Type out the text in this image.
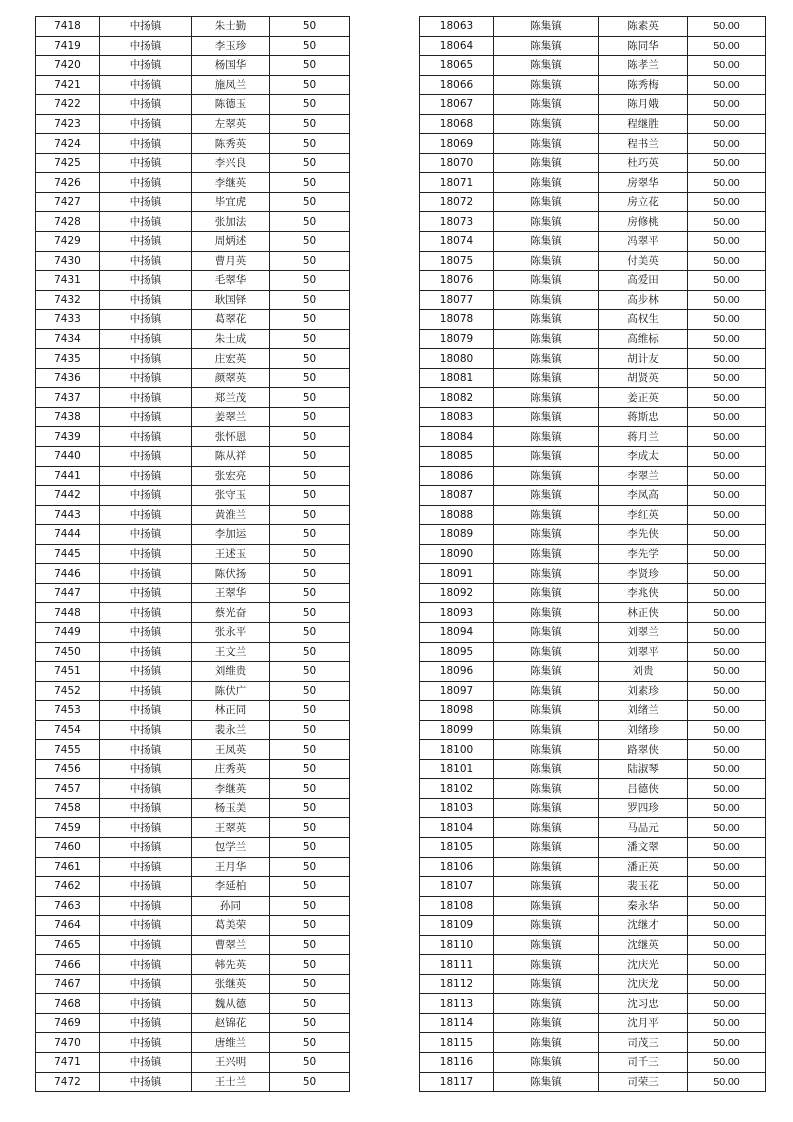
7418	中扬镇	朱士勤	50
7419	中扬镇	李玉珍	50
7420	中扬镇	杨国华	50
7421	中扬镇	施凤兰	50
7422	中扬镇	陈德玉	50
7423	中扬镇	左翠英	50
7424	中扬镇	陈秀英	50
7425	中扬镇	李兴良	50
7426	中扬镇	李继英	50
7427	中扬镇	毕宜虎	50
7428	中扬镇	张加法	50
7429	中扬镇	周炳述	50
7430	中扬镇	曹月英	50
7431	中扬镇	毛翠华	50
7432	中扬镇	耿国铎	50
7433	中扬镇	葛翠花	50
7434	中扬镇	朱士成	50
7435	中扬镇	庄宏英	50
7436	中扬镇	颜翠英	50
7437	中扬镇	郑兰茂	50
7438	中扬镇	姜翠兰	50
7439	中扬镇	张怀恩	50
7440	中扬镇	陈从祥	50
7441	中扬镇	张宏亮	50
7442	中扬镇	张守玉	50
7443	中扬镇	黄淮兰	50
7444	中扬镇	李加运	50
7445	中扬镇	王述玉	50
7446	中扬镇	陈伏扬	50
7447	中扬镇	王翠华	50
7448	中扬镇	蔡光奋	50
7449	中扬镇	张永平	50
7450	中扬镇	王文兰	50
7451	中扬镇	刘维贵	50
7452	中扬镇	陈伏广	50
7453	中扬镇	林正同	50
7454	中扬镇	裴永兰	50
7455	中扬镇	王凤英	50
7456	中扬镇	庄秀英	50
7457	中扬镇	李继英	50
7458	中扬镇	杨玉美	50
7459	中扬镇	王翠英	50
7460	中扬镇	包学兰	50
7461	中扬镇	王月华	50
7462	中扬镇	李延柏	50
7463	中扬镇	孙同	50
7464	中扬镇	葛美荣	50
7465	中扬镇	曹翠兰	50
7466	中扬镇	韩先英	50
7467	中扬镇	张继英	50
7468	中扬镇	魏从德	50
7469	中扬镇	赵锦花	50
7470	中扬镇	唐维兰	50
7471	中扬镇	王兴明	50
7472	中扬镇	王士兰	50
18063	陈集镇	陈素英	50.00
18064	陈集镇	陈同华	50.00
18065	陈集镇	陈孝兰	50.00
18066	陈集镇	陈秀梅	50.00
18067	陈集镇	陈月娥	50.00
18068	陈集镇	程继胜	50.00
18069	陈集镇	程书兰	50.00
18070	陈集镇	杜巧英	50.00
18071	陈集镇	房翠华	50.00
18072	陈集镇	房立花	50.00
18073	陈集镇	房修桃	50.00
18074	陈集镇	冯翠平	50.00
18075	陈集镇	付美英	50.00
18076	陈集镇	高爱田	50.00
18077	陈集镇	高步林	50.00
18078	陈集镇	高权生	50.00
18079	陈集镇	高维标	50.00
18080	陈集镇	胡计友	50.00
18081	陈集镇	胡贤英	50.00
18082	陈集镇	姜正英	50.00
18083	陈集镇	蒋斯忠	50.00
18084	陈集镇	蒋月兰	50.00
18085	陈集镇	李成太	50.00
18086	陈集镇	李翠兰	50.00
18087	陈集镇	李凤高	50.00
18088	陈集镇	李红英	50.00
18089	陈集镇	李先侠	50.00
18090	陈集镇	李先学	50.00
18091	陈集镇	李贤珍	50.00
18092	陈集镇	李兆侠	50.00
18093	陈集镇	林正侠	50.00
18094	陈集镇	刘翠兰	50.00
18095	陈集镇	刘翠平	50.00
18096	陈集镇	刘贵	50.00
18097	陈集镇	刘素珍	50.00
18098	陈集镇	刘绪兰	50.00
18099	陈集镇	刘绪珍	50.00
18100	陈集镇	路翠侠	50.00
18101	陈集镇	陆淑琴	50.00
18102	陈集镇	吕德侠	50.00
18103	陈集镇	罗四珍	50.00
18104	陈集镇	马品元	50.00
18105	陈集镇	潘文翠	50.00
18106	陈集镇	潘正英	50.00
18107	陈集镇	裴玉花	50.00
18108	陈集镇	秦永华	50.00
18109	陈集镇	沈继才	50.00
18110	陈集镇	沈继英	50.00
18111	陈集镇	沈庆光	50.00
18112	陈集镇	沈庆龙	50.00
18113	陈集镇	沈习忠	50.00
18114	陈集镇	沈月平	50.00
18115	陈集镇	司茂三	50.00
18116	陈集镇	司千三	50.00
18117	陈集镇	司荣三	50.00
